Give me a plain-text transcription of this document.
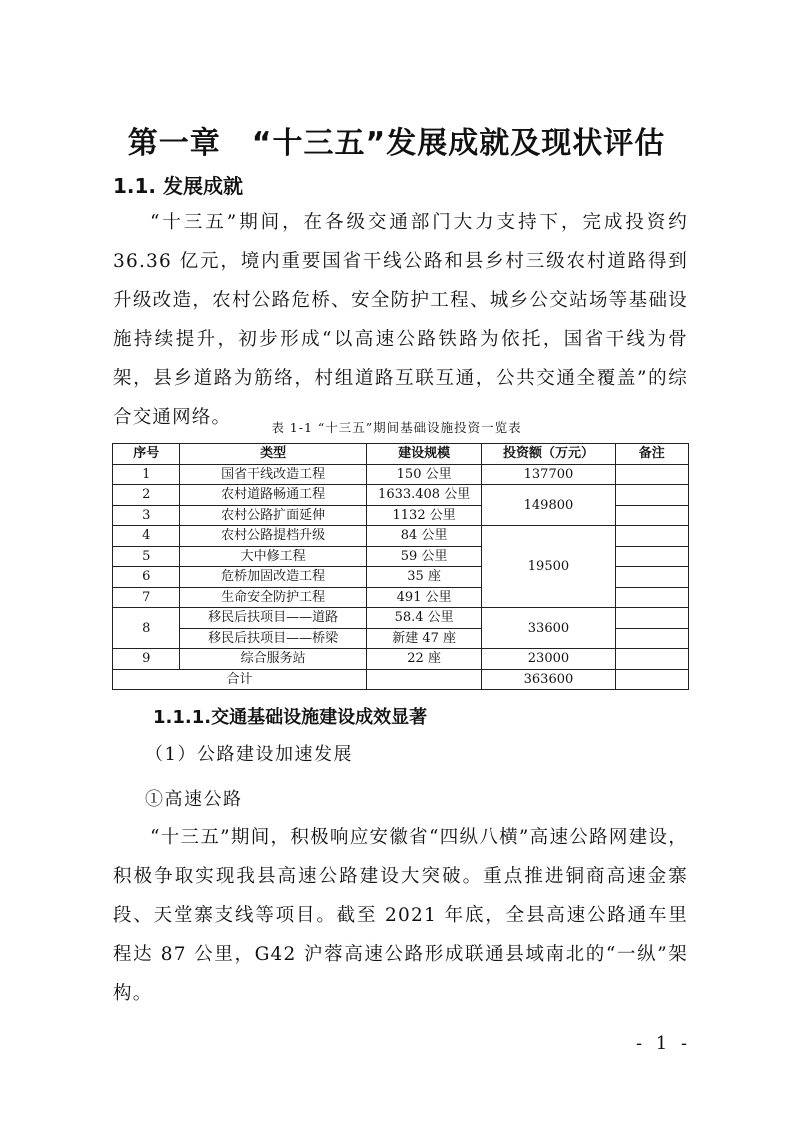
第一章　“十三五”发展成就及现状评估
1.1. 发展成就
“十三五”期间，在各级交通部门大力支持下，完成投资约 36.36 亿元，境内重要国省干线公路和县乡村三级农村道路得到升级改造，农村公路危桥、安全防护工程、城乡公交站场等基础设施持续提升，初步形成“以高速公路铁路为依托，国省干线为骨架，县乡道路为筋络，村组道路互联互通，公共交通全覆盖”的综合交通网络。	表 1-1 “十三五”期间基础设施投资一览表
序号	类型	建设规模	投资额（万元）	备注
1	国省干线改造工程	150 公里	137700	
2	农村道路畅通工程	1633.408 公里	149800	
3	农村公路扩面延伸	1132 公里		
4	农村公路提档升级	84 公里	19500	
5	大中修工程	59 公里		
6	危桥加固改造工程	35 座		
7	生命安全防护工程	491 公里		
8	移民后扶项目——道路	58.4 公里	33600	
	移民后扶项目——桥梁	新建 47 座		
9	综合服务站	22 座	23000	
合计			363600	
1.1.1.交通基础设施建设成效显著
（1）公路建设加速发展
①高速公路
“十三五”期间，积极响应安徽省“四纵八横”高速公路网建设，积极争取实现我县高速公路建设大突破。重点推进铜商高速金寨段、天堂寨支线等项目。截至 2021 年底，全县高速公路通车里程达 87 公里，G42 沪蓉高速公路形成联通县域南北的“一纵”架构。
- 1 -
